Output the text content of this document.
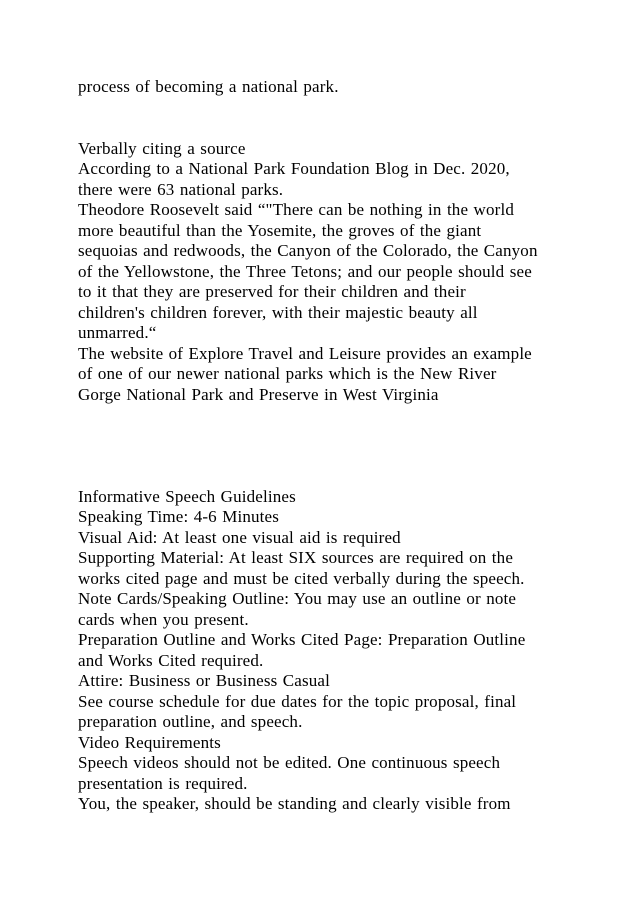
process of becoming a national park.
Verbally citing a source
According to a National Park Foundation Blog in Dec. 2020,
there were 63 national parks.
Theodore Roosevelt said “"There can be nothing in the world
more beautiful than the Yosemite, the groves of the giant
sequoias and redwoods, the Canyon of the Colorado, the Canyon
of the Yellowstone, the Three Tetons; and our people should see
to it that they are preserved for their children and their
children's children forever, with their majestic beauty all
unmarred.“
The website of Explore Travel and Leisure provides an example
of one of our newer national parks which is the New River
Gorge National Park and Preserve in West Virginia
Informative Speech Guidelines
Speaking Time: 4-6 Minutes
Visual Aid: At least one visual aid is required
Supporting Material: At least SIX sources are required on the
works cited page and must be cited verbally during the speech.
Note Cards/Speaking Outline: You may use an outline or note
cards when you present.
Preparation Outline and Works Cited Page: Preparation Outline
and Works Cited required.
Attire: Business or Business Casual
See course schedule for due dates for the topic proposal, final
preparation outline, and speech.
Video Requirements
Speech videos should not be edited. One continuous speech
presentation is required.
You, the speaker, should be standing and clearly visible from
